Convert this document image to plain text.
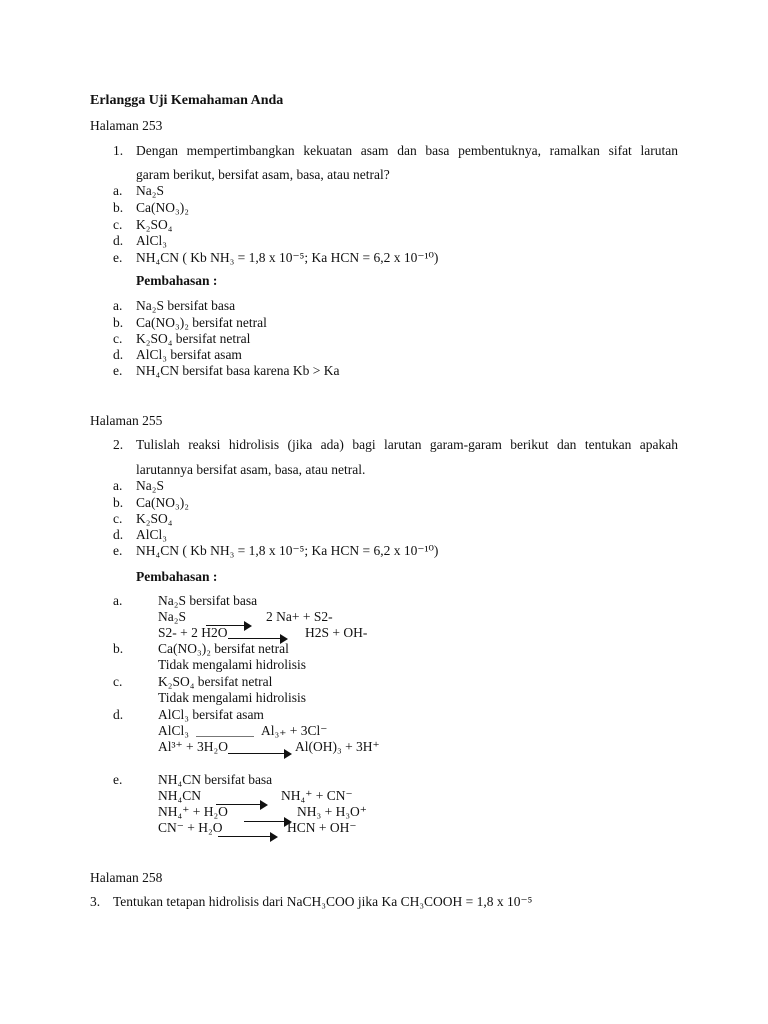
Erlangga Uji Kemahaman Anda
Halaman 253
1. Dengan mempertimbangkan kekuatan asam dan basa pembentuknya, ramalkan sifat larutan
garam berikut, bersifat asam, basa, atau netral?
a. Na₂S
b. Ca(NO₃)₂
c. K₂SO₄
d. AlCl₃
e. NH₄CN ( Kb NH₃ = 1,8 x 10⁻⁵; Ka HCN = 6,2 x 10⁻¹⁰)
Pembahasan :
a. Na₂S bersifat basa
b. Ca(NO₃)₂ bersifat netral
c. K₂SO₄ bersifat netral
d. AlCl₃ bersifat asam
e. NH₄CN bersifat basa karena Kb > Ka
Halaman 255
2. Tulislah reaksi hidrolisis (jika ada) bagi larutan garam-garam berikut dan tentukan apakah
larutannya bersifat asam, basa, atau netral.
a. Na₂S
b. Ca(NO₃)₂
c. K₂SO₄
d. AlCl₃
e. NH₄CN ( Kb NH₃ = 1,8 x 10⁻⁵; Ka HCN = 6,2 x 10⁻¹⁰)
Pembahasan :
a.	Na₂S bersifat basa
Na₂S	2 Na+ + S2-
S2- + 2 H2O	H2S + OH-
b.	Ca(NO₃)₂ bersifat netral
Tidak mengalami hidrolisis
c.	K₂SO₄ bersifat netral
Tidak mengalami hidrolisis
d.	AlCl₃ bersifat asam
AlCl₃	Al₃₊ + 3Cl⁻
Al³⁺ + 3H₂O	Al(OH)₃ + 3H⁺
e.	NH₄CN bersifat basa
NH₄CN	NH₄⁺ + CN⁻
NH₄⁺ + H₂O	NH₃ + H₃O⁺
CN⁻ + H₂O	HCN + OH⁻
Halaman 258
3. Tentukan tetapan hidrolisis dari NaCH₃COO jika Ka CH₃COOH = 1,8 x 10⁻⁵
